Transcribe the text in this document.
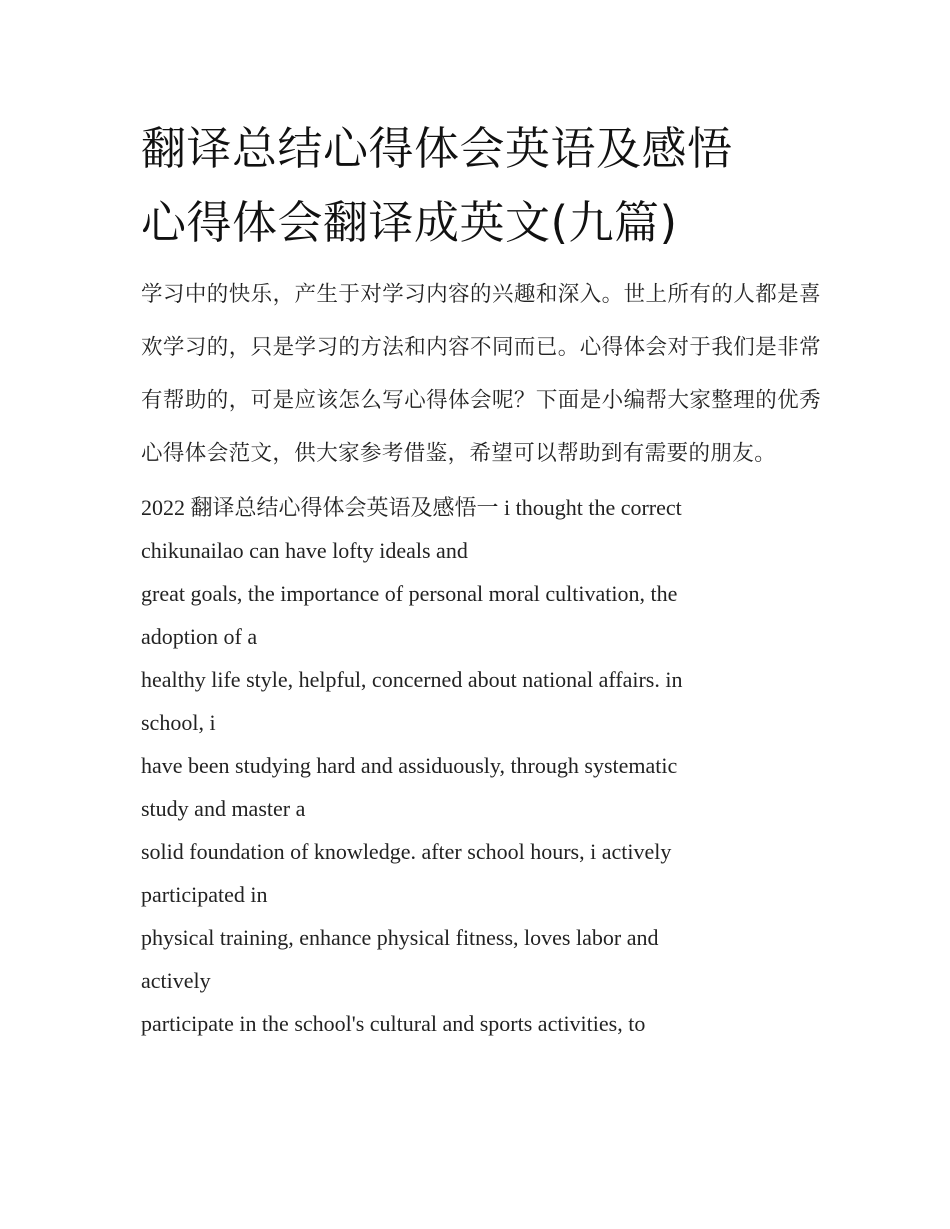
翻译总结心得体会英语及感悟
心得体会翻译成英文(九篇)

学习中的快乐，产生于对学习内容的兴趣和深入。世上所有的人都是喜欢学习的，只是学习的方法和内容不同而已。心得体会对于我们是非常有帮助的，可是应该怎么写心得体会呢？下面是小编帮大家整理的优秀心得体会范文，供大家参考借鉴，希望可以帮助到有需要的朋友。

2022 翻译总结心得体会英语及感悟一 i thought the correct
chikunailao can have lofty ideals and
great goals, the importance of personal moral cultivation, the
adoption of a
healthy life style, helpful, concerned about national affairs. in
school, i
have been studying hard and assiduously, through systematic
study and master a
solid foundation of knowledge. after school hours, i actively
participated in
physical training, enhance physical fitness, loves labor and
actively
participate in the school's cultural and sports activities, to
